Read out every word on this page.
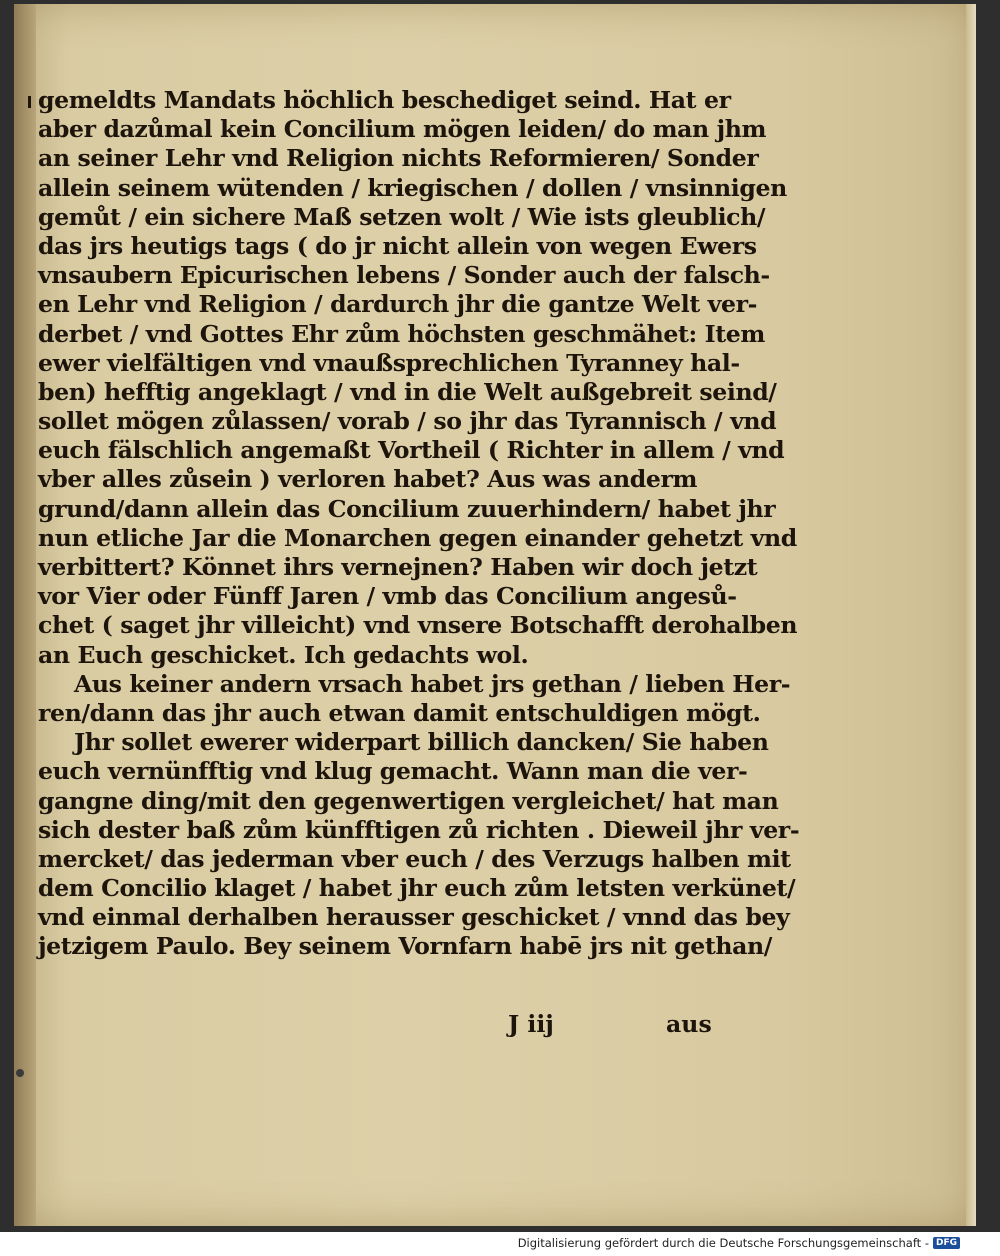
gemeldts Mandats höchlich beschediget seind. Hat er
aber dazůmal kein Concilium mögen leiden/ do man jhm
an seiner Lehr vnd Religion nichts Reformieren/ Sonder
allein seinem wütenden / kriegischen / dollen / vnsinnigen
gemůt / ein sichere Maß setzen wolt / Wie ists gleublich/
das jrs heutigs tags ( do jr nicht allein von wegen Ewers
vnsaubern Epicurischen lebens / Sonder auch der falsch-
en Lehr vnd Religion / dardurch jhr die gantze Welt ver-
derbet / vnd Gottes Ehr zům höchsten geschmähet: Item
ewer vielfältigen vnd vnaußsprechlichen Tyranney hal-
ben) hefftig angeklagt / vnd in die Welt außgebreit seind/
sollet mögen zůlassen/ vorab / so jhr das Tyrannisch / vnd
euch fälschlich angemaßt Vortheil ( Richter in allem / vnd
vber alles zůsein ) verloren habet? Aus was anderm
grund/dann allein das Concilium zuuerhindern/ habet jhr
nun etliche Jar die Monarchen gegen einander gehetzt vnd
verbittert? Könnet ihrs vernejnen? Haben wir doch jetzt
vor Vier oder Fünff Jaren / vmb das Concilium angesů-
chet ( saget jhr villeicht) vnd vnsere Botschafft derohalben
an Euch geschicket. Ich gedachts wol.
Aus keiner andern vrsach habet jrs gethan / lieben Her-
ren/dann das jhr auch etwan damit entschuldigen mögt.
Jhr sollet ewerer widerpart billich dancken/ Sie haben
euch vernünfftig vnd klug gemacht. Wann man die ver-
gangne ding/mit den gegenwertigen vergleichet/ hat man
sich dester baß zům künfftigen zů richten . Dieweil jhr ver-
mercket/ das jederman vber euch / des Verzugs halben mit
dem Concilio klaget / habet jhr euch zům letsten verkünet/
vnd einmal derhalben herausser geschicket / vnnd das bey
jetzigem Paulo. Bey seinem Vornfarn habē jrs nit gethan/
J iij	aus
Digitalisierung gefördert durch die Deutsche Forschungsgemeinschaft - DFG
